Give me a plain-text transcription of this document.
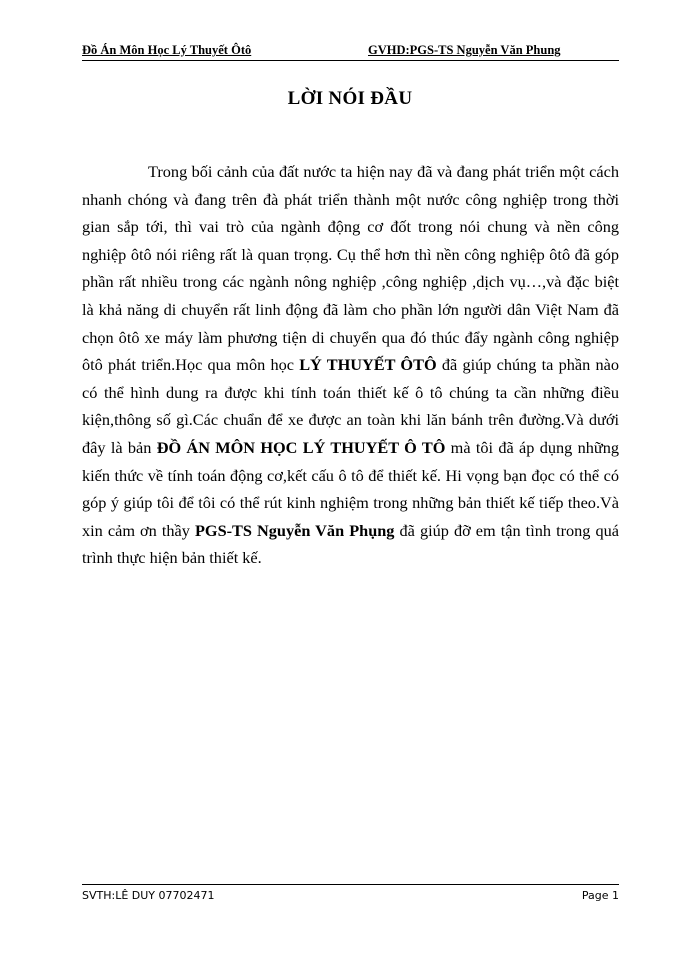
Đồ Án Môn Học Lý Thuyết Ôtô	GVHD:PGS-TS Nguyễn Văn Phung
LỜI NÓI ĐẦU

Trong bối cảnh của đất nước ta hiện nay đã và đang phát triển một cách nhanh chóng và đang trên đà phát triển thành một nước công nghiệp trong thời gian sắp tới, thì vai trò của ngành động cơ đốt trong nói chung và nền công nghiệp ôtô nói riêng rất là quan trọng. Cụ thể hơn thì nền công nghiệp ôtô đã góp phần rất nhiều trong các ngành nông nghiệp ,công nghiệp ,dịch vụ…,và đặc biệt là khả năng di chuyển rất linh động đã làm cho phần lớn người dân Việt Nam đã chọn ôtô xe máy làm phương tiện di chuyển qua đó thúc đẩy ngành công nghiệp ôtô phát triển.Học qua môn học LÝ THUYẾT ÔTÔ đã giúp chúng ta phần nào có thể hình dung ra được khi tính toán thiết kế ô tô chúng ta cần những điều kiện,thông số gì.Các chuẩn để xe được an toàn khi lăn bánh trên đường.Và dưới đây là bản ĐỒ ÁN MÔN HỌC LÝ THUYẾT Ô TÔ mà tôi đã áp dụng những kiến thức về tính toán động cơ,kết cấu ô tô để thiết kế. Hi vọng bạn đọc có thể có góp ý giúp tôi để tôi có thể rút kinh nghiệm trong những bản thiết kế tiếp theo.Và xin cảm ơn thầy PGS-TS Nguyễn Văn Phụng đã giúp đỡ em tận tình trong quá trình thực hiện bản thiết kế.

SVTH:LÊ DUY 07702471	Page 1
